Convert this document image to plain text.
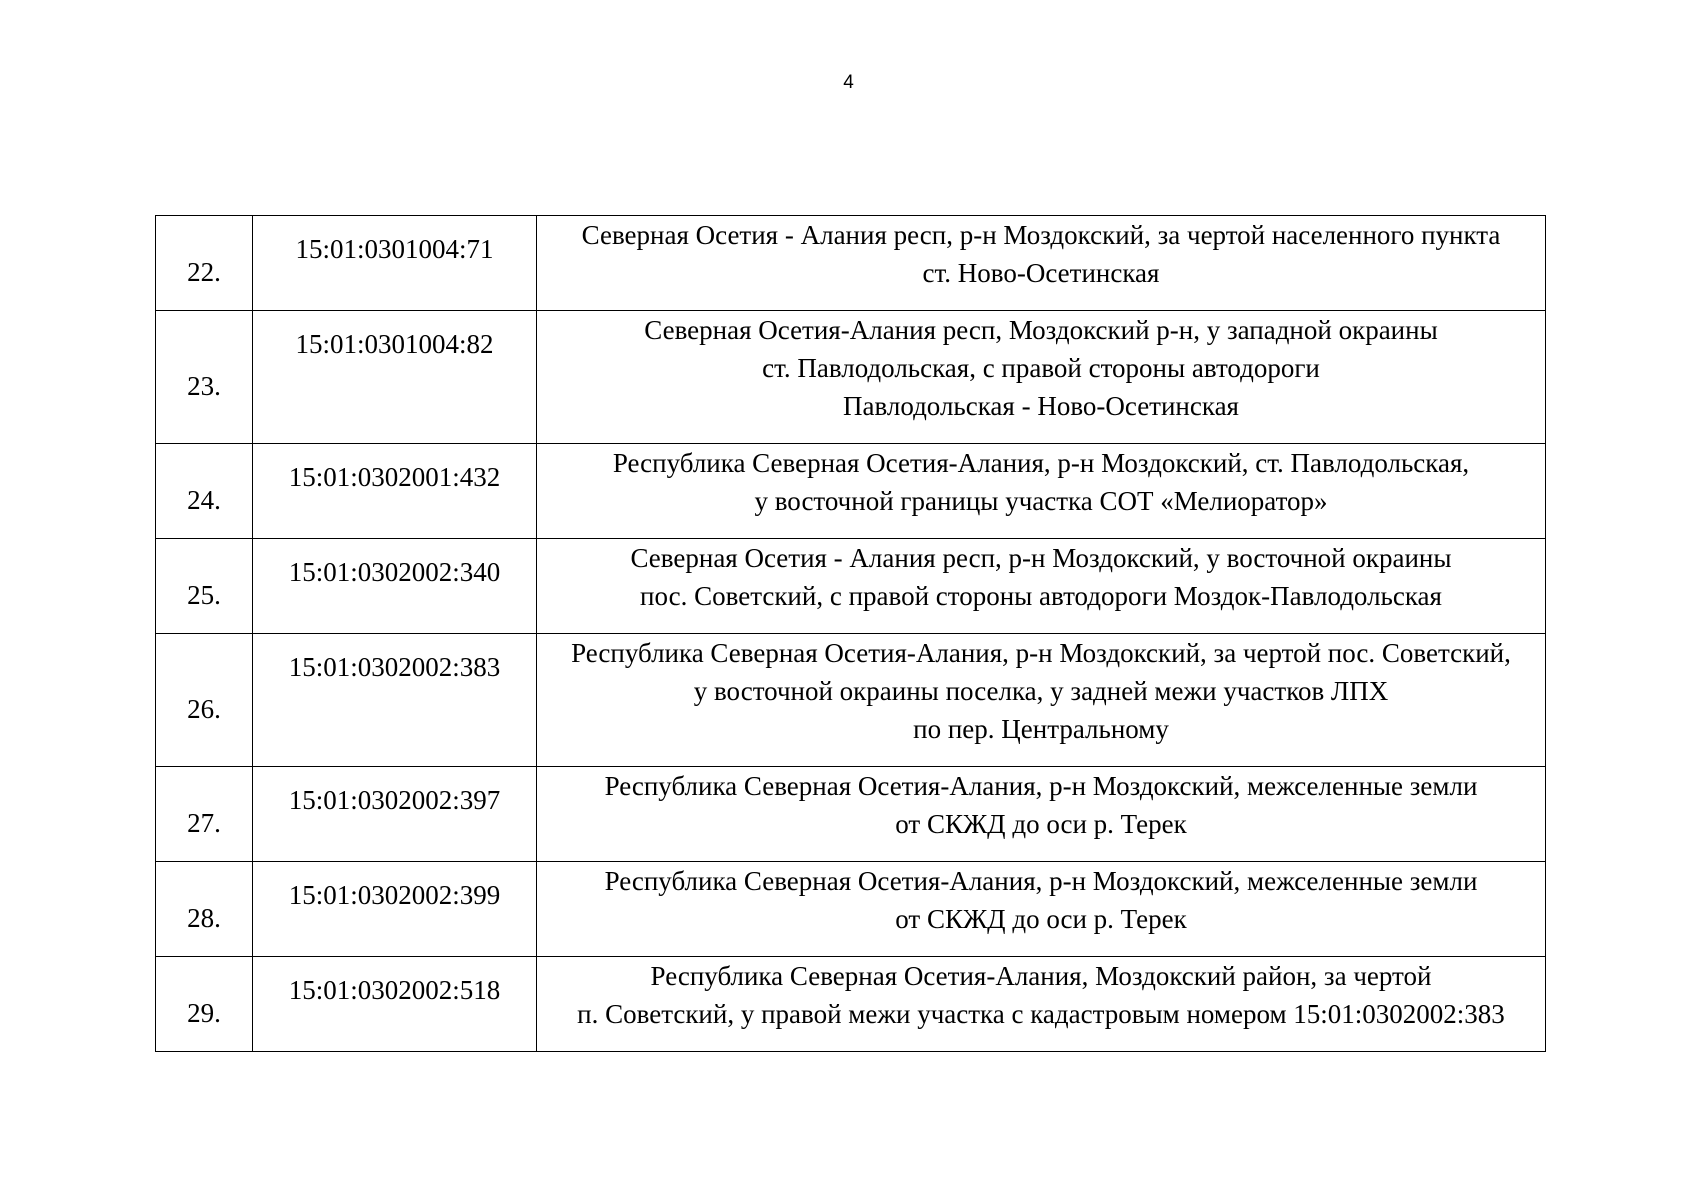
4
22.	15:01:0301004:71	Северная Осетия - Алания респ, р-н Моздокский, за чертой населенного пункта
ст. Ново-Осетинская

23.	15:01:0301004:82	Северная Осетия-Алания респ, Моздокский р-н, у западной окраины
ст. Павлодольская, с правой стороны автодороги
Павлодольская - Ново-Осетинская

24.	15:01:0302001:432	Республика Северная Осетия-Алания, р-н Моздокский, ст. Павлодольская,
у восточной границы участка СОТ «Мелиоратор»

25.	15:01:0302002:340	Северная Осетия - Алания респ, р-н Моздокский, у восточной окраины
пос. Советский, с правой стороны автодороги Моздок-Павлодольская

26.	15:01:0302002:383	Республика Северная Осетия-Алания, р-н Моздокский, за чертой пос. Советский,
у восточной окраины поселка, у задней межи участков ЛПХ
по пер. Центральному

27.	15:01:0302002:397	Республика Северная Осетия-Алания, р-н Моздокский, межселенные земли
от СКЖД до оси р. Терек

28.	15:01:0302002:399	Республика Северная Осетия-Алания, р-н Моздокский, межселенные земли
от СКЖД до оси р. Терек

29.	15:01:0302002:518	Республика Северная Осетия-Алания, Моздокский район, за чертой
п. Советский, у правой межи участка с кадастровым номером 15:01:0302002:383
